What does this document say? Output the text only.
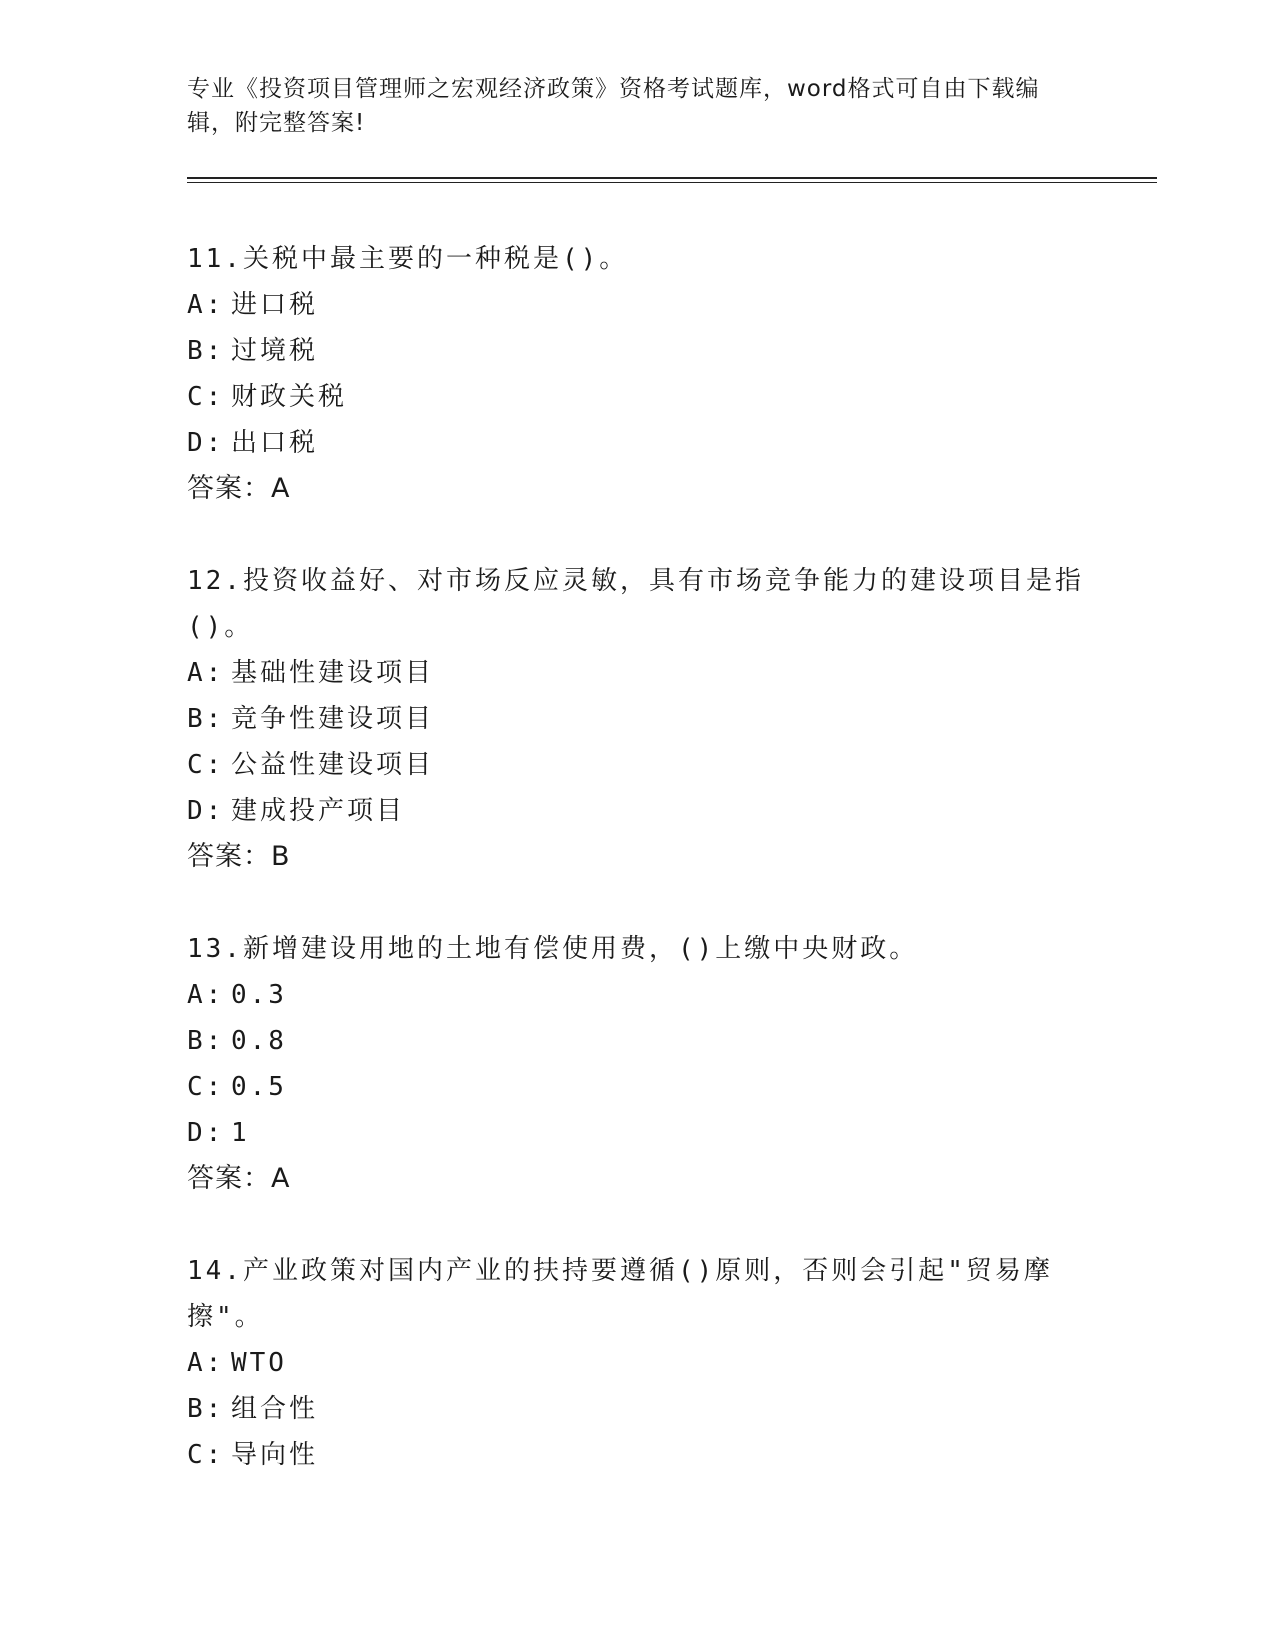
专业《投资项目管理师之宏观经济政策》资格考试题库，word格式可自由下载编辑，附完整答案!
11.关税中最主要的一种税是()。
A: 进口税
B: 过境税
C: 财政关税
D: 出口税
答案：A
12.投资收益好、对市场反应灵敏，具有市场竞争能力的建设项目是指()。
A: 基础性建设项目
B: 竞争性建设项目
C: 公益性建设项目
D: 建成投产项目
答案：B
13.新增建设用地的土地有偿使用费，()上缴中央财政。
A: 0.3
B: 0.8
C: 0.5
D: 1
答案：A
14.产业政策对国内产业的扶持要遵循()原则，否则会引起"贸易摩擦"。
A: WTO
B: 组合性
C: 导向性
